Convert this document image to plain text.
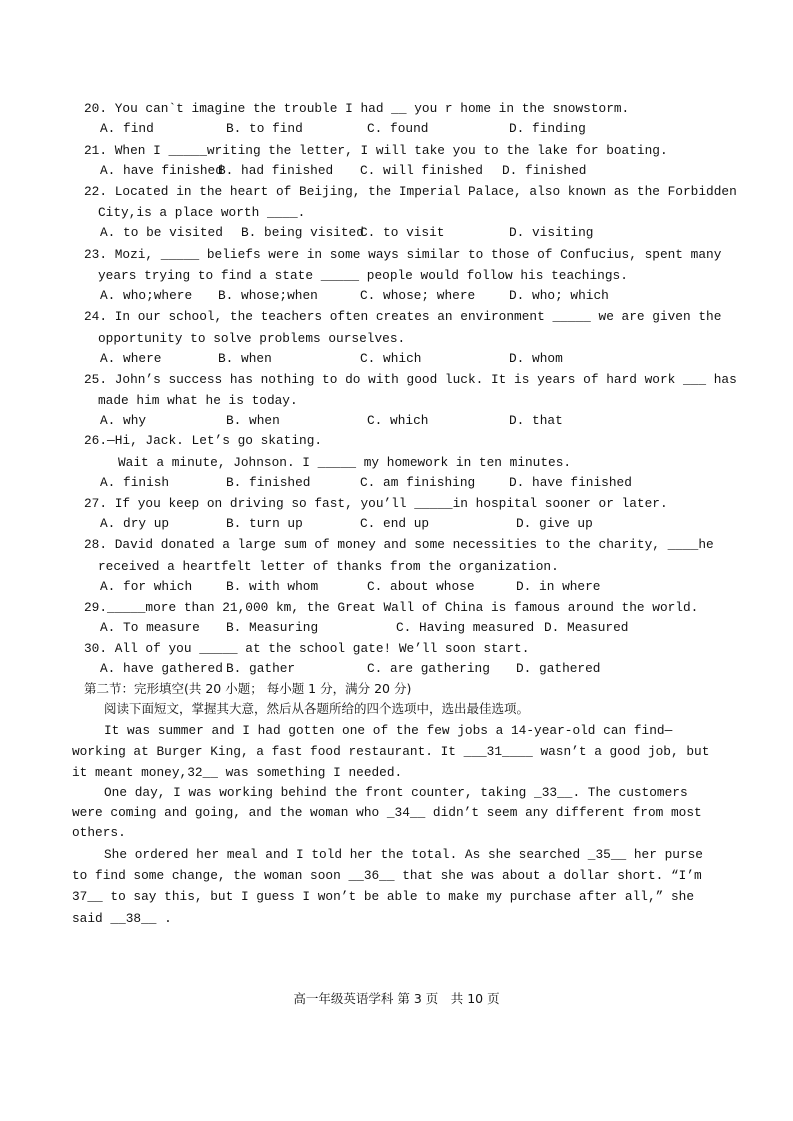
20. You can`t imagine the trouble I had __ you r home in the snowstorm.
A. find	B. to find	C. found	D. finding
21. When I _____writing the letter, I will take you to the lake for boating.
A. have finished
B. had finished C. will finished D. finished
22. Located in the heart of Beijing, the Imperial Palace, also known as the Forbidden
City,is a place worth ____.
A. to be visited B. being visited
C. to visit	D. visiting
23. Mozi, _____ beliefs were in some ways similar to those of Confucius, spent many
years trying to find a state _____ people would follow his teachings.
A. who;where B. whose;when	C. whose; where	D. who; which
24. In our school, the teachers often creates an environment _____ we are given the
opportunity to solve problems ourselves.
A. where	B. when	C. which	D. whom
25. John’s success has nothing to do with good luck. It is years of hard work ___ has
made him what he is today.
A. why	B. when	C. which	D. that
26.—Hi, Jack. Let’s go skating.
Wait a minute, Johnson. I _____ my homework in ten minutes.
A. finish	B. finished	C. am finishing	D. have finished
27. If you keep on driving so fast, you’ll _____in hospital sooner or later.
A. dry up	B. turn up	C. end up	D. give up
28. David donated a large sum of money and some necessities to the charity, ____he
received a heartfelt letter of thanks from the organization.
A. for which	B. with whom	C. about whose	D. in where
29._____more than 21,000 km, the Great Wall of China is famous around the world.
A. To measure B. Measuring	C. Having measured D. Measured
30. All of you _____ at the school gate! We’ll soon start.
A. have gathered B. gather	C. are gathering D. gathered
第二节：完形填空(共 20 小题； 每小题 1 分，满分 20 分)
阅读下面短文，掌握其大意，然后从各题所给的四个选项中，选出最佳选项。
It was summer and I had gotten one of the few jobs a 14-year-old can find—
working at Burger King, a fast food restaurant. It ___31____ wasn’t a good job, but
it meant money,32__ was something I needed.
One day, I was working behind the front counter, taking _33__. The customers
were coming and going, and the woman who _34__ didn’t seem any different from most
others.
She ordered her meal and I told her the total. As she searched _35__ her purse
to find some change, the woman soon __36__ that she was about a dollar short. “I’m
37__ to say this, but I guess I won’t be able to make my purchase after all,” she
said __38__ .
高一年级英语学科 第 3 页　共 10 页
